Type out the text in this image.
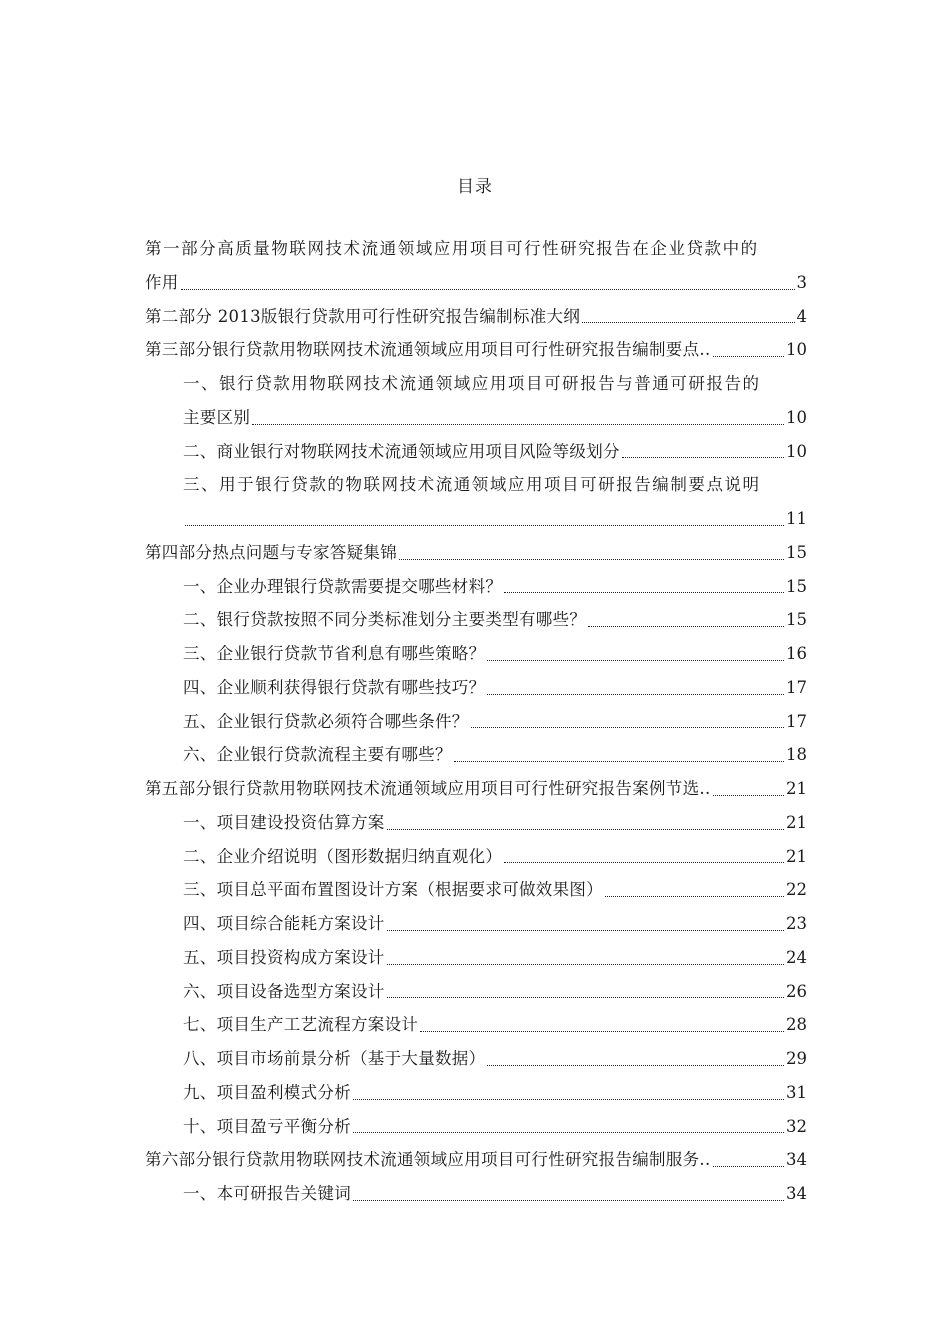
目录
第一部分高质量物联网技术流通领域应用项目可行性研究报告在企业贷款中的
作用	3
第二部分 2013版银行贷款用可行性研究报告编制标准大纲	4
第三部分银行贷款用物联网技术流通领域应用项目可行性研究报告编制要点..	10
一、银行贷款用物联网技术流通领域应用项目可研报告与普通可研报告的
主要区别	10
二、商业银行对物联网技术流通领域应用项目风险等级划分	10
三、用于银行贷款的物联网技术流通领域应用项目可研报告编制要点说明
11
第四部分热点问题与专家答疑集锦	15
一、企业办理银行贷款需要提交哪些材料？	15
二、银行贷款按照不同分类标准划分主要类型有哪些？	15
三、企业银行贷款节省利息有哪些策略？	16
四、企业顺利获得银行贷款有哪些技巧？	17
五、企业银行贷款必须符合哪些条件？	17
六、企业银行贷款流程主要有哪些？	18
第五部分银行贷款用物联网技术流通领域应用项目可行性研究报告案例节选..	21
一、项目建设投资估算方案	21
二、企业介绍说明（图形数据归纳直观化）	21
三、项目总平面布置图设计方案（根据要求可做效果图）	22
四、项目综合能耗方案设计	23
五、项目投资构成方案设计	24
六、项目设备选型方案设计	26
七、项目生产工艺流程方案设计	28
八、项目市场前景分析（基于大量数据）	29
九、项目盈利模式分析	31
十、项目盈亏平衡分析	32
第六部分银行贷款用物联网技术流通领域应用项目可行性研究报告编制服务..	34
一、本可研报告关键词	34
